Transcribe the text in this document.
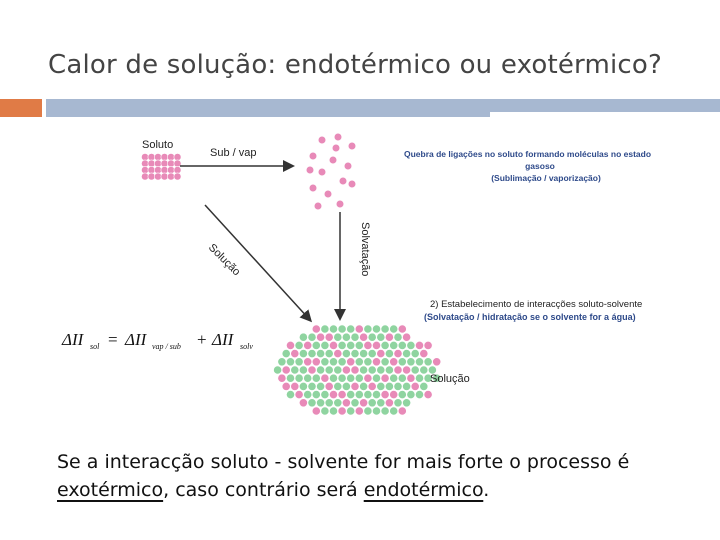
Calor de solução: endotérmico ou exotérmico?
Soluto
Sub / vap
Solução	Solvatação
Quebra de ligações no soluto formando moléculas no estado
gasoso
(Sublimação / vaporização)
2) Estabelecimento de interacções soluto-solvente
(Solvatação / hidratação se o solvente for a água)
Solução
ΔII sol = ΔII vap / sub + ΔII solv
Se a interacção soluto - solvente for mais forte o processo é
exotérmico, caso contrário será endotérmico.
